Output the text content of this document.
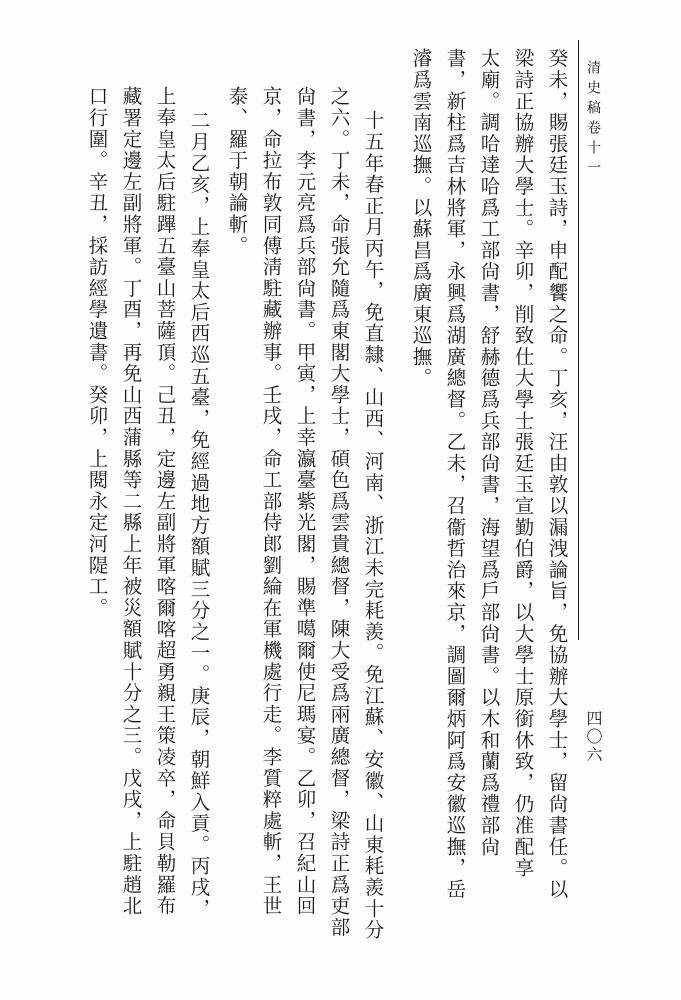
清史稿卷十一
四〇六
癸未，賜張廷玉詩，申配饗之命。丁亥，汪由敦以漏洩論旨，免協辦大學士，留尙書任。以
梁詩正協辦大學士。辛卯，削致仕大學士張廷玉宣勤伯爵，以大學士原銜休致，仍准配享
太廟。調哈達哈爲工部尙書，舒赫德爲兵部尙書，海望爲戶部尙書。以木和蘭爲禮部尙
書，新柱爲吉林將軍，永興爲湖廣總督。乙未，召衞哲治來京，調圖爾炳阿爲安徽巡撫，岳
濬爲雲南巡撫。以蘇昌爲廣東巡撫。
十五年春正月丙午，免直隸、山西、河南、浙江未完耗羨。免江蘇、安徽、山東耗羨十分
之六。丁未，命張允隨爲東閣大學士，碩色爲雲貴總督，陳大受爲兩廣總督，梁詩正爲吏部
尙書，李元亮爲兵部尙書。甲寅，上幸瀛臺紫光閣，賜準噶爾使尼瑪宴。乙卯，召紀山回
京，命拉布敦同傅淸駐藏辦事。壬戌，命工部侍郎劉綸在軍機處行走。李質粹處斬，王世
泰、羅于朝論斬。
二月乙亥，上奉皇太后西巡五臺，免經過地方額賦三分之一。庚辰，朝鮮入貢。丙戌，
上奉皇太后駐蹕五臺山菩薩頂。己丑，定邊左副將軍喀爾喀超勇親王策凌卒，命貝勒羅布
藏署定邊左副將軍。丁酉，再免山西蒲縣等二縣上年被災額賦十分之三。戊戌，上駐趙北
口行圍。辛丑，採訪經學遺書。癸卯，上閱永定河隄工。
